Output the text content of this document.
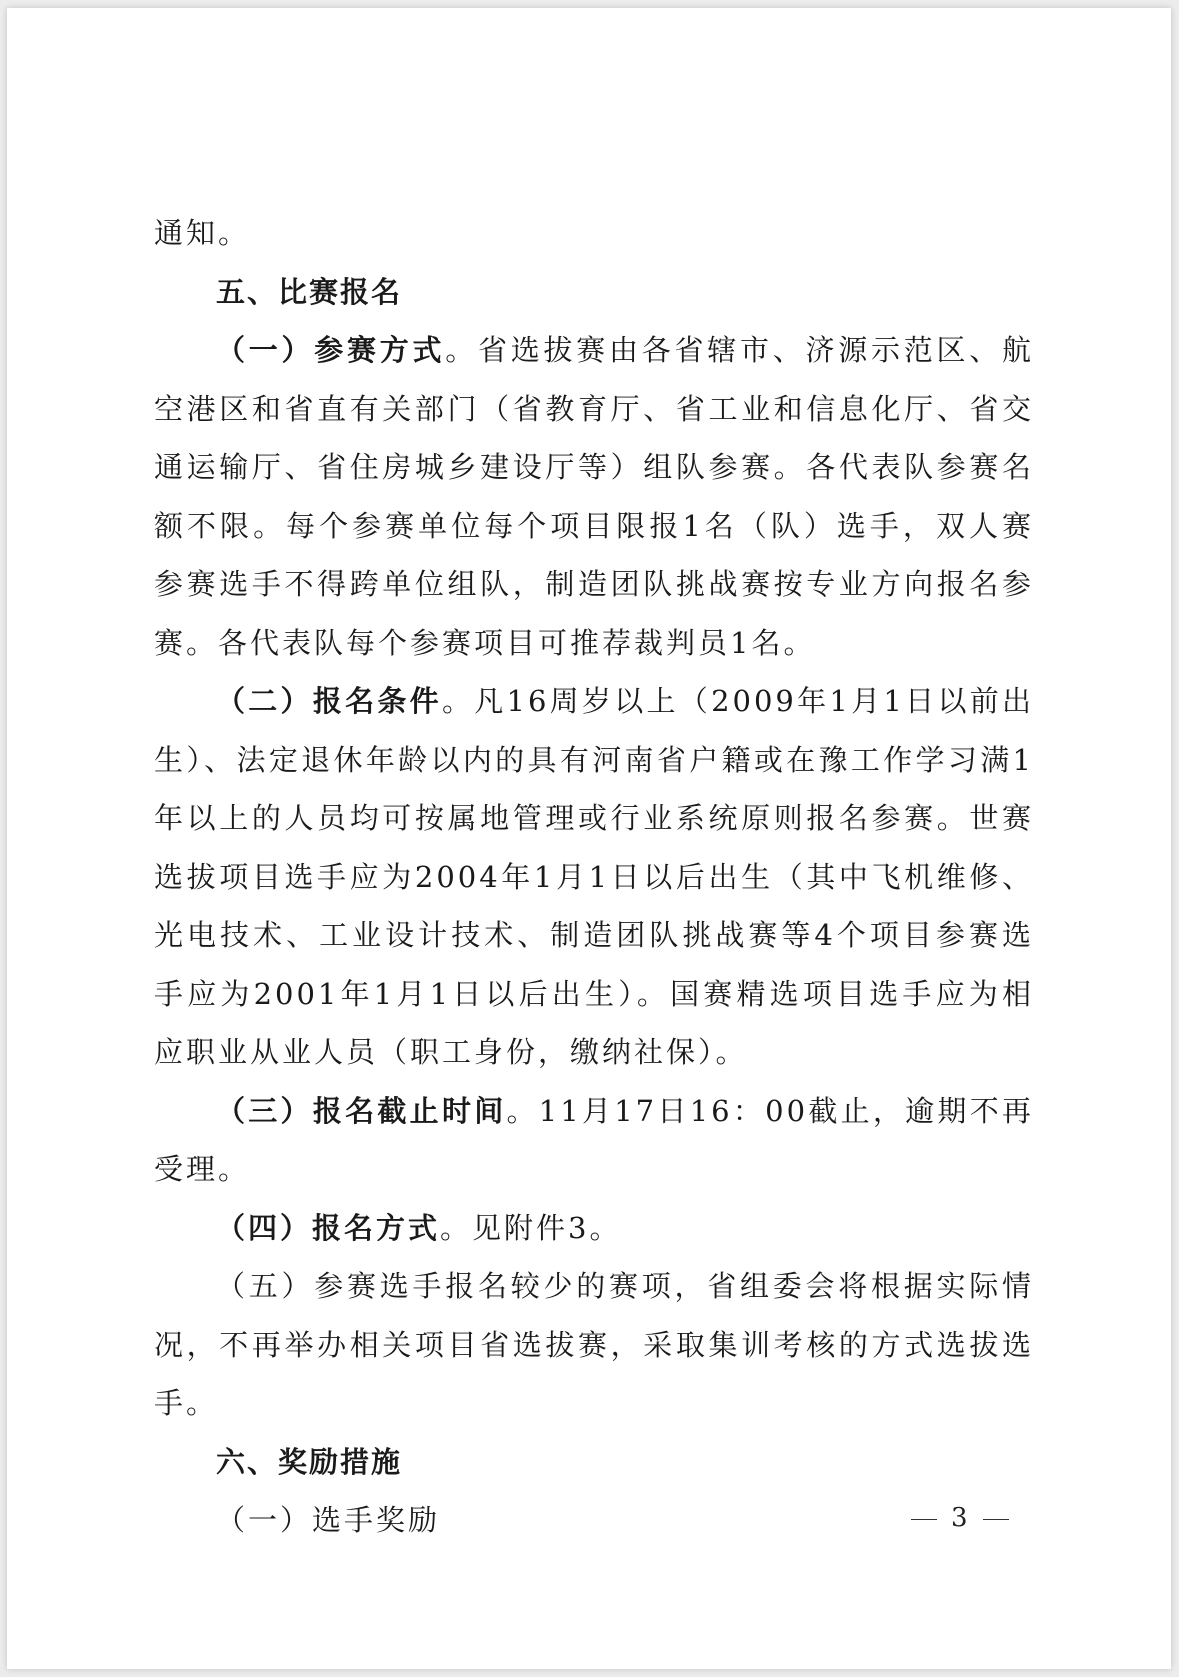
通知。

五、比赛报名

（一）参赛方式。省选拔赛由各省辖市、济源示范区、航空港区和省直有关部门（省教育厅、省工业和信息化厅、省交通运输厅、省住房城乡建设厅等）组队参赛。各代表队参赛名额不限。每个参赛单位每个项目限报1名（队）选手，双人赛参赛选手不得跨单位组队，制造团队挑战赛按专业方向报名参赛。各代表队每个参赛项目可推荐裁判员1名。

（二）报名条件。凡16周岁以上（2009年1月1日以前出生）、法定退休年龄以内的具有河南省户籍或在豫工作学习满1年以上的人员均可按属地管理或行业系统原则报名参赛。世赛选拔项目选手应为2004年1月1日以后出生（其中飞机维修、光电技术、工业设计技术、制造团队挑战赛等4个项目参赛选手应为2001年1月1日以后出生）。国赛精选项目选手应为相应职业从业人员（职工身份，缴纳社保）。

（三）报名截止时间。11月17日16：00截止，逾期不再受理。

（四）报名方式。见附件3。

（五）参赛选手报名较少的赛项，省组委会将根据实际情况，不再举办相关项目省选拔赛，采取集训考核的方式选拔选手。

六、奖励措施

（一）选手奖励	3
